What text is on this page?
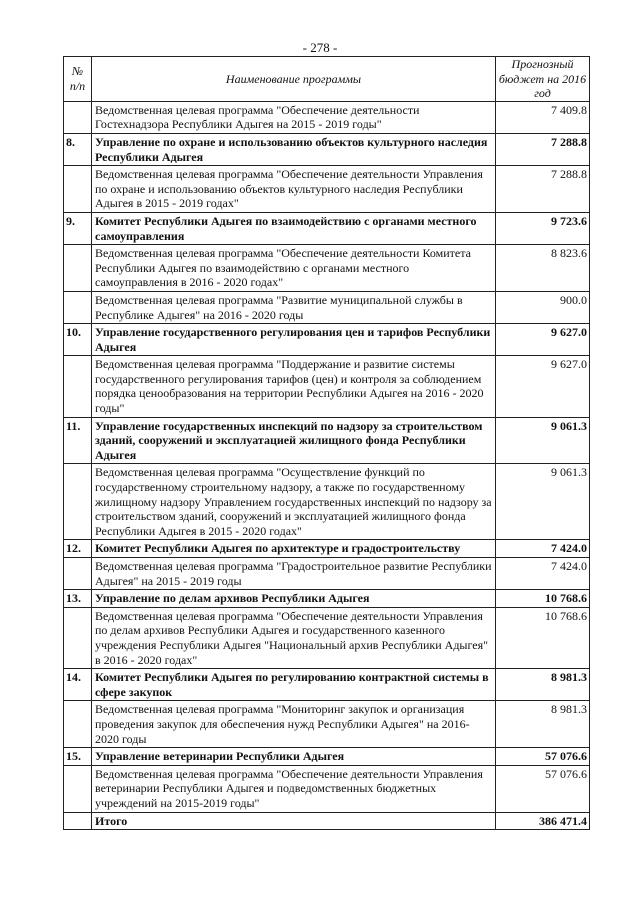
- 278 -
№
п/п	Наименование программы	Прогнозный бюджет на 2016 год
	Ведомственная целевая программа "Обеспечение деятельности Гостехнадзора Республики Адыгея на 2015 - 2019 годы"	7 409.8
8.	Управление по охране и использованию объектов культурного наследия Республики Адыгея	7 288.8
	Ведомственная целевая программа "Обеспечение деятельности Управления по охране и использованию объектов культурного наследия Республики Адыгея в 2015 - 2019 годах"	7 288.8
9.	Комитет Республики Адыгея по взаимодействию с органами местного самоуправления	9 723.6
	Ведомственная целевая программа "Обеспечение деятельности Комитета Республики Адыгея по взаимодействию с органами местного самоуправления в 2016 - 2020 годах"	8 823.6
	Ведомственная целевая программа "Развитие муниципальной службы в Республике Адыгея" на 2016 - 2020 годы	900.0
10.	Управление государственного регулирования цен и тарифов Республики Адыгея	9 627.0
	Ведомственная целевая программа "Поддержание и развитие системы государственного регулирования тарифов (цен) и контроля за соблюдением порядка ценообразования на территории Республики Адыгея на 2016 - 2020 годы"	9 627.0
11.	Управление государственных инспекций по надзору за строительством зданий, сооружений и эксплуатацией жилищного фонда Республики Адыгея	9 061.3
	Ведомственная целевая программа "Осуществление функций по государственному строительному надзору, а также по государственному жилищному надзору Управлением государственных инспекций по надзору за строительством зданий, сооружений и эксплуатацией жилищного фонда Республики Адыгея в 2015 - 2020 годах"	9 061.3
12.	Комитет Республики Адыгея по архитектуре и градостроительству	7 424.0
	Ведомственная целевая программа "Градостроительное развитие Республики Адыгея" на 2015 - 2019 годы	7 424.0
13.	Управление по делам архивов Республики Адыгея	10 768.6
	Ведомственная целевая программа "Обеспечение деятельности Управления по делам архивов Республики Адыгея и государственного казенного учреждения Республики Адыгея "Национальный архив Республики Адыгея" в 2016 - 2020 годах"	10 768.6
14.	Комитет Республики Адыгея по регулированию контрактной системы в сфере закупок	8 981.3
	Ведомственная целевая программа "Мониторинг закупок и организация проведения закупок для обеспечения нужд Республики Адыгея" на 2016-2020 годы	8 981.3
15.	Управление ветеринарии Республики Адыгея	57 076.6
	Ведомственная целевая программа "Обеспечение деятельности Управления ветеринарии Республики Адыгея и подведомственных бюджетных учреждений на 2015-2019 годы"	57 076.6
	Итого	386 471.4
